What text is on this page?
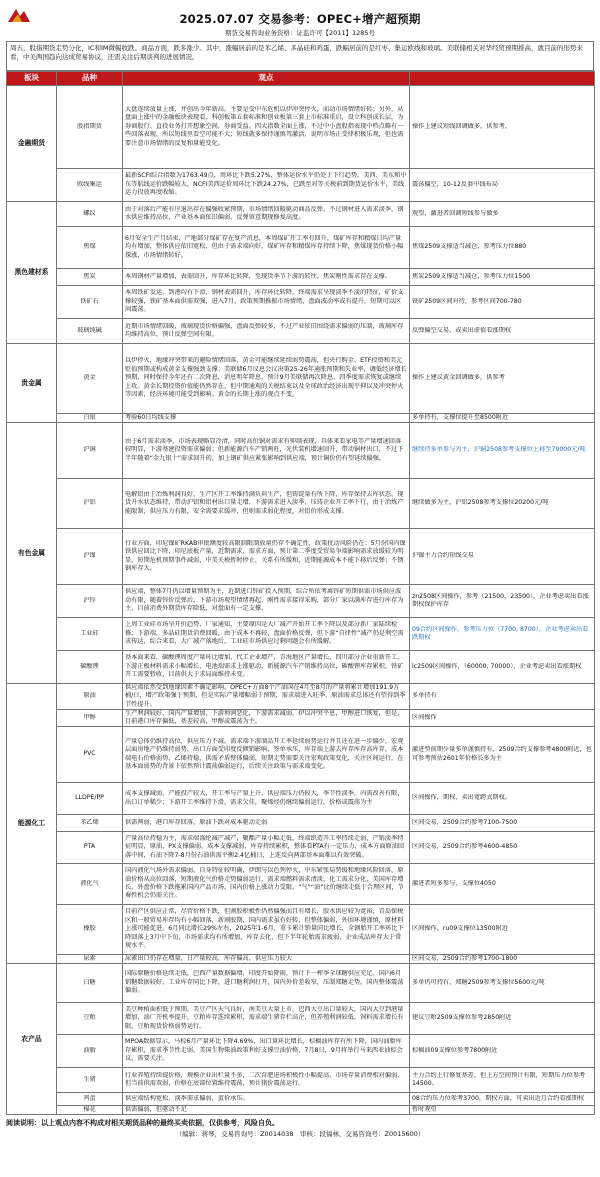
2025.07.07 交易参考：OPEC+增产超预期
期货交易咨询业务资格：证监许可【2011】1285号
周五，股指期货走势分化，IC和IM微幅收跌。商品方面，跌多涨少。其中，涨幅居前的是苯乙烯、多晶硅和鸡蛋，跌幅居前的是红枣、集运欧线和玻璃。美联储相关对华经贸预期推高，就目前的形势来看，中美两国趋向达成贸易协议，还需关注后期谈判的进展情况。
板块	品种	观点	
金融期货	股指期货	大盘连续放量上涨，并创出今年新高。主要是受中东危机以伊冲突停火，而动市场情绪好转；另外，从盘面上涨中的金融板块表现看，科创板第五套标准和创业板第三套上市标准重启，设立科创成长层，为券商股行、直投业务打开想象空间，券商受益。四大指数全面上涨，不过中小盘股指表现中档点略有一些回落表现，所以短线里看空可能不大；短线就多保持谨慎驾激活，说明市场正受律积极乐观，但也需要注意市场情绪的反复和量能变化。	操作上建议短线回调做多，供参考。

	欧线集运	最新SCFI综合指数为1763.49点，周环比下跌5.27%，整体运价水平仍处于下行趋势，美西、美东和中东等航线运价跌幅较大，NCFI美西运价周环比下跌24.27%，已跌至对等关税前到期货运价水平，美线运力投放再度收缩。	震荡偏空，10-12反套中线布局

黑色建材系	螺纹	由于对落后产能有序退出存在偏强收紧预期，市场情绪回暖驱动商品反弹，不过钢材进入需求淡季，钢水供应维持高位，产业基本面依旧偏弱，反弹留意期现修复高度。	观望，激进者回调短线参与做多

	焦煤	6月安全生产月结束，产地部分煤矿存在复产消息，本周煤矿开工率有回升，煤矿库存和精煤日均产量均有增加，整体供应依旧宽松，但由于需求端向好，煤矿库存和精煤库存持续下降，焦煤现货价格小幅探涨，市场情绪转好。	焦煤2509支撑适当减仓，参考压力位880

	焦炭	本周钢材产量增加，表需回升，库存环比转降，至现货季节下游的转往，焦炭刚性需求存在支撑。	焦炭2509支撑适当减仓，参考压力位1500

	铁矿石	本周铁矿发运、到港均有下滑，钢材表需回升，库存环比转降，终端需求呈现淡季不淡的特征，矿价支撑较强，铁矿基本面供需双强，进入7月，政策预期推振市场情绪，盘面波动率或有提升，短期可以区间震荡。	铁矿2509区间对待，参考区间700-780

	玻璃纯碱	近期市场情绪回暖，玻璃现货价格偏强，盘面反弹较多，不过产业依旧围绕需求偏弱的压制，玻璃库存均维持高位，预计反弹空间有限。	反弹偏空交易，或卖出虚值看涨期权

贵金属	黄金	以伊停火，地缘冲突带来的避险情绪回落，黄金可能继续延续弱势震荡，但央行购金、ETF投资和美元贬值预期或构成黄金支撑强劲支撑；美联储6月议息会议决策25-26年通胀预期和失业率，调低经济增长预期，同时保持今年还有二次降息，消息明年降息，预计9月美联储再次降息，四季度需求恢复或继续上攻。黄金长期投资价值能仍然存在，但中期通观的关税结束以及全球政治经济出现平抑以及冲突停火等因素，经济环境可能受到影响。黄金的长期上涨的观点不变。	操作上建议黄金回调做多，供参考

	白银	考验60日均线支撑	多单持有，支撑位提升至8500附近

有色金属	沪铜	由于6月需求淡季，市场表现略显冷清，同时高价铜对需求有抑制表现，具体来看家电等产量增速回落较明显，下游基建投资需求偏弱；但新能源汽车产销两旺，光伏装机增速回升，带动铜材出口，不过下半年随着“金九银十”需求回升的，加上钢矿供应紧张影响到供应端，预计铜价仍有望延续偏强。	继续持多单参与为主，沪铜2508参考支撑位上移至79000元/吨

	沪铝	电解铝由于冶炼利润良好，生产区开工率维持满负荷生产，但铸锭量有所下降，库存保持去库状态，现货升水状态维持，带动沪铝和铝材出口量走增，下游需求进入淡季，压铸企业开工率下行，由于冶炼产能限制，供应压力有限，安全需要求缓冲，但则需求弱化程度，对铝价形成支撑。	继续做多为主，沪铝2508参考支撑位20200元/吨

	沪镍	行业方面，印尼镍矿RKAB审批额度较高限制限制放量仍存不确定性，政策扰动风险仍在；5月份国内镍铁供应回比下降，印尼底板产量，近期需求，需求方面，预计第二季度受贸易争端影响需求放缓较为明显，短期危机预期事件减弱，中美关税暂时停止，关系有所缓和，近期能源成本不能下移后反弹；不锈钢库存大。	沪镍主力合约短线交易

	沪锌	供应端，整体7月仍以增量预期为主，近期进口锌矿投入预期，综合所依考离锌矿短期供需市场供应波动有限，随着锌价反弹后，下游市场观望情绪再起，刚性需求接得采购，部分厂家以满库存进行库存为主，目前消费外期货库存除低，对盘面有一定支撑。	zn2508区间操作，参考（21500，23500），企业考虑卖出看涨期权保护库存

	工业硅	上周工业硅市场呈开价趋势，厂家通知，主要原因是大厂减产开始开工率下降以及部分新厂家陆续检修；下游端，多晶硅期货消费回暖，由于成本不再较，盘面价格反弹，但下游“自律性”减产仍是利空需求传达，综合来看，大厂减产落地后，工业硅市场供应过剩问题会有所缓解。	09合约区间操作，参考压力位（7700, 8700），企业考虑卖出看跌期权

	碳酸锂	基本面来看，碳酸锂周度产量环比增加，代工企业增产，青海地区产量增长，四川部分企业重新开工。下游正极材料需求小幅增长，电池端需求上涨驱动，新能源汽车产销维持高位，碳酸锂库存累积，铁矿开工需要暂收，目前供大于求局面维持未变。	lc2509区间操作，（60000, 70000），企业考虑卖出看涨期权

能源化工	原油	供应端依然受到地缘因素不确定影响，OPEC+方面8个产油国在4月至8月的产量将累计增加191.9万桶/日，增产政策强于预期，但是实际产量增幅弱于预期，需求端进入旺季，原油需求总体还有望得到季节性提升。	多单持有

	甲醇	生产利润较好，国内产量增加，下游利润恶化，下游需求减弱，伊以冲突平息，甲醇进口恢复，但是，目前港口库存偏低，基差较高，甲醇或震荡为主。	区间操作

	PVC	产量总体仍维持高位，供应压力不减。需求端下游制品开工率延续弱势运行并且还在进一步偏少，宏观层面房地产仍维持弱势，出口方面受印度反倾销影响，签单承压，库存端上游去库存库存高库存，成本端电石价格弱势，乙烯持稳，供需矛盾整体偏弱，短期走势需要关注宏观政策变化，关注区间运行，在基本面弱势的背景下依然预计震荡偏弱运行，后续关注政策与需求端变化。	激进型前期少量多单谨慎持有，2509合约支撑参考4800附近，也可参考预估2601年价格长多为主

	LLDPE/PP	成本支撑减弱，产能投产较大，开工率与产量上升，供应端压力仍较大，季节性淡季，内需改善有限，出口订单稀少；下游开工率维持下滑，需求欠佳，聚烯烃仍继续偏弱运行，价格或震荡为主	区间操作，期权，卖出宽跨式期权。

	苯乙烯	供需两弱，港口库存回落，原油下跌对成本驱动走弱	区间交易，2509合约参考7100-7500

	PTA	产量高位持稳为主，需求端涤纶减产减产，聚酯产量小幅走低，终端织造开工率持续走弱，产销淡季特征明显，原油、PX支撑偏弱，成本支撑减弱，库存持续累积，整体看PTA有一定压力，成本方面原油回落中间，石油下降7-8月份石油供需平衡2.4亿桶日，上连反向两部基本面难以有效突破。	区间交易，2509合约参考4600-4850

	液化气	国内液化气场外需求偏弱，自身特征较明确，伊朗与以色列停火，中东紧张局势缓和地缘风险回落，原油价格从高位回落，短期液化气价格走势偏弱运行，需求端燃料需求清淡，化工需求分化，美国库存增长，外盘价格下跌拖累国内产品市场，国内价格上涨动力受限。“气”“油”比价继续走低于合理区间，节奏性机会仍需关注。	激进者短多参与，支撑位4050

	橡胶	目前产区供应正常，尽管价格下跌，但割胶积极性仍然偏强而且有增长，胶水供应较为宽裕，青岛保税区和一般贸易库存均有小幅回落，新割胶期，国内需求虽有好转，但整体偏弱，外围环境谨慎，原材料上涨可能促进。6月同比增长29%左右，2025年1-6月，重卡累计销量同比增长，全钢胎开工率环比下降回落上3月中下旬，市场需求均有所增加，库存去化，但下半年轮胎需求疲弱，企业成品库存大于常规水平。	区间操作，ru09支撑位13500附近

	尿素	尿素出口仍存在增量，日产量较高，库存偏高，供应压力较大	区间交易，2509合约参考1700-1800

农产品	白糖	国际原糖价格延续走低，巴西产量数据偏增，印度开始降雨，预计下一榨季全球糖供应充足。国内6月销糖数据较好，工业库存同比下降，进口糖利润打开，国内外价差收窄，压制郑糖走势，国内整体震荡偏弱。	多单仍可持有，郑糖2509参考支撑位5600元/吨

	豆粕	美豆种植面积低于预期，美豆产区天气良好，南美豆大量上市，巴西大豆出口量较大，国内大豆到港量增加，油厂开机率提升，豆粕库存连续累积，需求端生猪存栏高企，但养殖利润较低，饲料需求增长有限，豆粕现货价格弱势运行。	建议豆粕2509支撑位参考2850附近

	油脂	MPOA数据显示，马棕6月产量环比下降4.69%，出口量环比增长，棕榈油库存有所下降，国内油脂库存累积，需求季节性走弱，美国生物柴油政策利好支撑豆油价格，7月8日，9月将举行马来西亚油棕会议，需要关注。	棕榈油09支撑位参考7800附近

	生猪	行业养殖持续提价格，规模企业出栏量不多，二次育肥进场积极性小幅提高，市场存量消费相对偏弱，但当前供需双弱，价格在底部位置维持震荡，预计猪价震荡运行。	主力合约上行修复基差，但上方空间预计有限，短期压力位参考14500。

	鸡蛋	供应端结构宽松，淡季需求偏弱，蛋价承压。	08合约压力位参考3700，期权方面，可卖出近月合约看涨期权

	棉花	供需偏弱，但驱动不足	暂时观望
阅读说明：以上观点内容不构成对相关期货品种的最终买卖依据，仅供参考，风险自负。
（编辑：蒋琴，交易咨询号：Z0014038　审核：段福林，交易咨询号：Z0015600）
